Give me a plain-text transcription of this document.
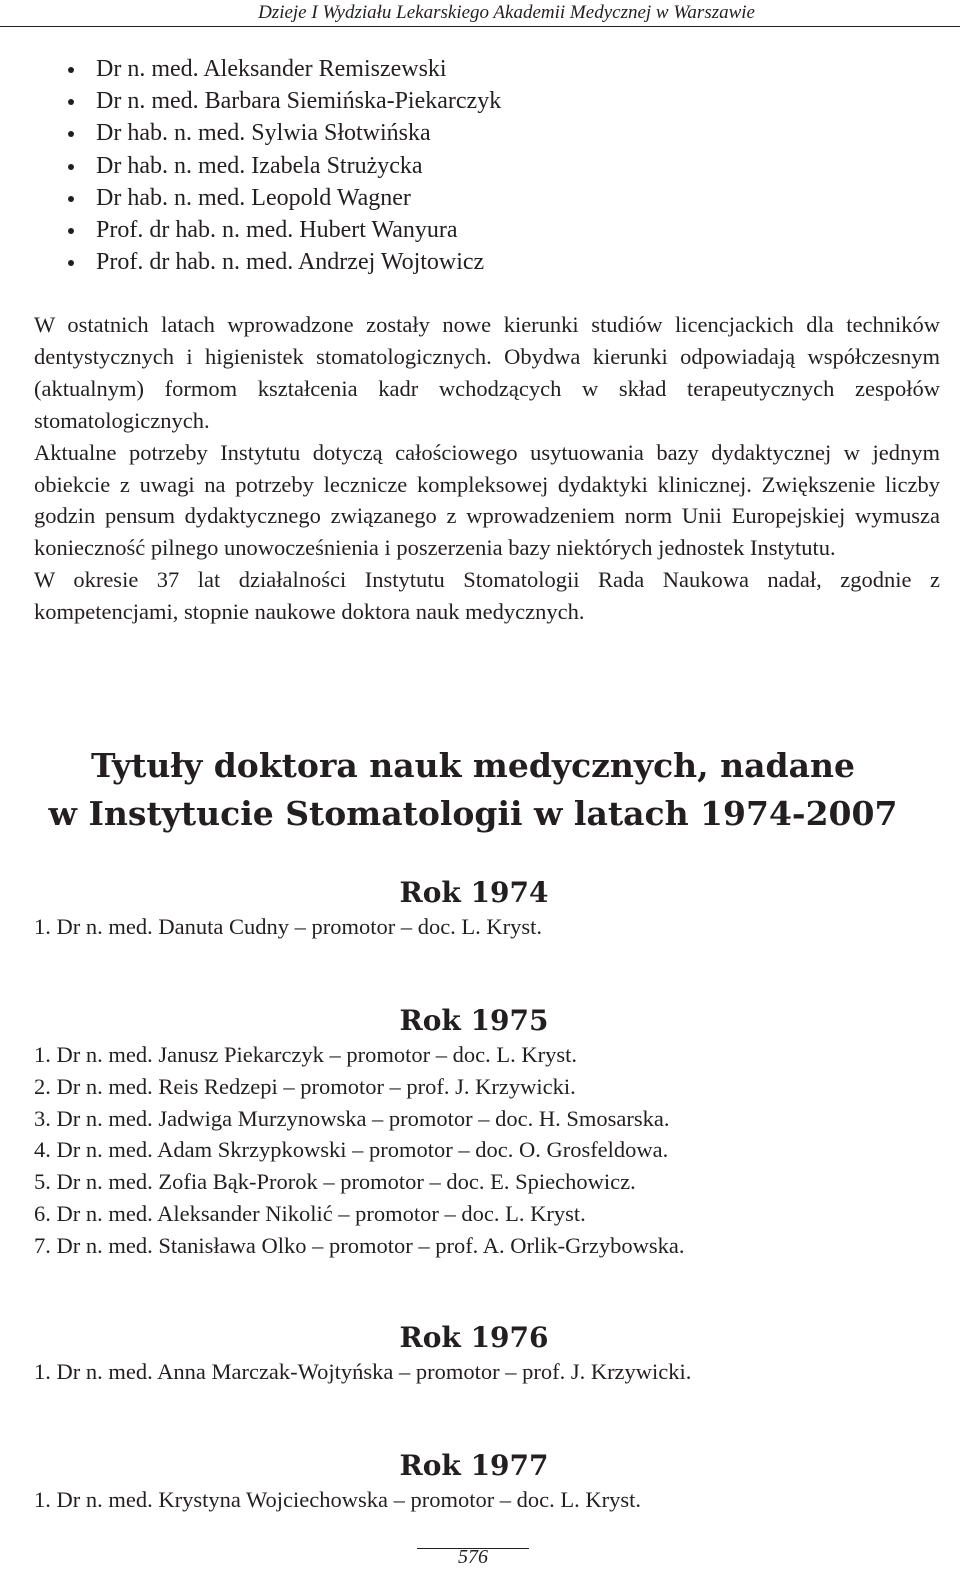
Dzieje I Wydziału Lekarskiego Akademii Medycznej w Warszawie
Dr n. med. Aleksander Remiszewski
Dr n. med. Barbara Siemińska-Piekarczyk
Dr hab. n. med. Sylwia Słotwińska
Dr hab. n. med. Izabela Strużycka
Dr hab. n. med. Leopold Wagner
Prof. dr hab. n. med. Hubert Wanyura
Prof. dr hab. n. med. Andrzej Wojtowicz

W ostatnich latach wprowadzone zostały nowe kierunki studiów licencjackich dla techników dentystycznych i higienistek stomatologicznych. Obydwa kierunki odpowiadają współczesnym (aktualnym) formom kształcenia kadr wchodzących w skład terapeutycznych zespołów stomatologicznych.

Aktualne potrzeby Instytutu dotyczą całościowego usytuowania bazy dydaktycznej w jednym obiekcie z uwagi na potrzeby lecznicze kompleksowej dydaktyki klinicznej. Zwiększenie liczby godzin pensum dydaktycznego związanego z wprowadzeniem norm Unii Europejskiej wymusza konieczność pilnego unowocześnienia i poszerzenia bazy niektórych jednostek Instytutu.

W okresie 37 lat działalności Instytutu Stomatologii Rada Naukowa nadał, zgodnie z kompetencjami, stopnie naukowe doktora nauk medycznych.

Tytuły doktora nauk medycznych, nadane
w Instytucie Stomatologii w latach 1974-2007
Rok 1974
1. Dr n. med. Danuta Cudny – promotor – doc. L. Kryst.
Rok 1975
1. Dr n. med. Janusz Piekarczyk – promotor – doc. L. Kryst.
2. Dr n. med. Reis Redzepi – promotor – prof. J. Krzywicki.
3. Dr n. med. Jadwiga Murzynowska – promotor – doc. H. Smosarska.
4. Dr n. med. Adam Skrzypkowski – promotor – doc. O. Grosfeldowa.
5. Dr n. med. Zofia Bąk-Prorok – promotor – doc. E. Spiechowicz.
6. Dr n. med. Aleksander Nikolić – promotor – doc. L. Kryst.
7. Dr n. med. Stanisława Olko – promotor – prof. A. Orlik-Grzybowska.
Rok 1976
1. Dr n. med. Anna Marczak-Wojtyńska – promotor – prof. J. Krzywicki.
Rok 1977
1. Dr n. med. Krystyna Wojciechowska – promotor – doc. L. Kryst.
576
